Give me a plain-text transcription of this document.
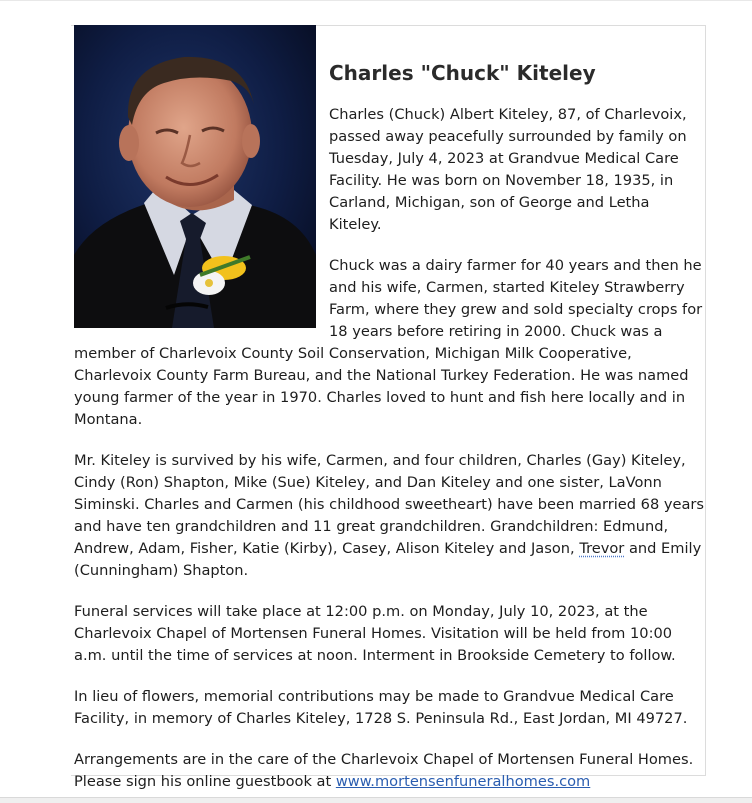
Charles "Chuck" Kiteley

Charles (Chuck) Albert Kiteley, 87, of Charlevoix, passed away peacefully surrounded by family on Tuesday, July 4, 2023 at Grandvue Medical Care Facility. He was born on November 18, 1935, in Carland, Michigan, son of George and Letha Kiteley.

Chuck was a dairy farmer for 40 years and then he and his wife, Carmen, started Kiteley Strawberry Farm, where they grew and sold specialty crops for 18 years before retiring in 2000. Chuck was a member of Charlevoix County Soil Conservation, Michigan Milk Cooperative, Charlevoix County Farm Bureau, and the National Turkey Federation. He was named young farmer of the year in 1970. Charles loved to hunt and fish here locally and in Montana.

Mr. Kiteley is survived by his wife, Carmen, and four children, Charles (Gay) Kiteley, Cindy (Ron) Shapton, Mike (Sue) Kiteley, and Dan Kiteley and one sister, LaVonn Siminski. Charles and Carmen (his childhood sweetheart) have been married 68 years and have ten grandchildren and 11 great grandchildren. Grandchildren: Edmund, Andrew, Adam, Fisher, Katie (Kirby), Casey, Alison Kiteley and Jason, Trevor and Emily (Cunningham) Shapton.

Funeral services will take place at 12:00 p.m. on Monday, July 10, 2023, at the Charlevoix Chapel of Mortensen Funeral Homes. Visitation will be held from 10:00 a.m. until the time of services at noon. Interment in Brookside Cemetery to follow.

In lieu of flowers, memorial contributions may be made to Grandvue Medical Care Facility, in memory of Charles Kiteley, 1728 S. Peninsula Rd., East Jordan, MI 49727.

Arrangements are in the care of the Charlevoix Chapel of Mortensen Funeral Homes. Please sign his online guestbook at www.mortensenfuneralhomes.com
